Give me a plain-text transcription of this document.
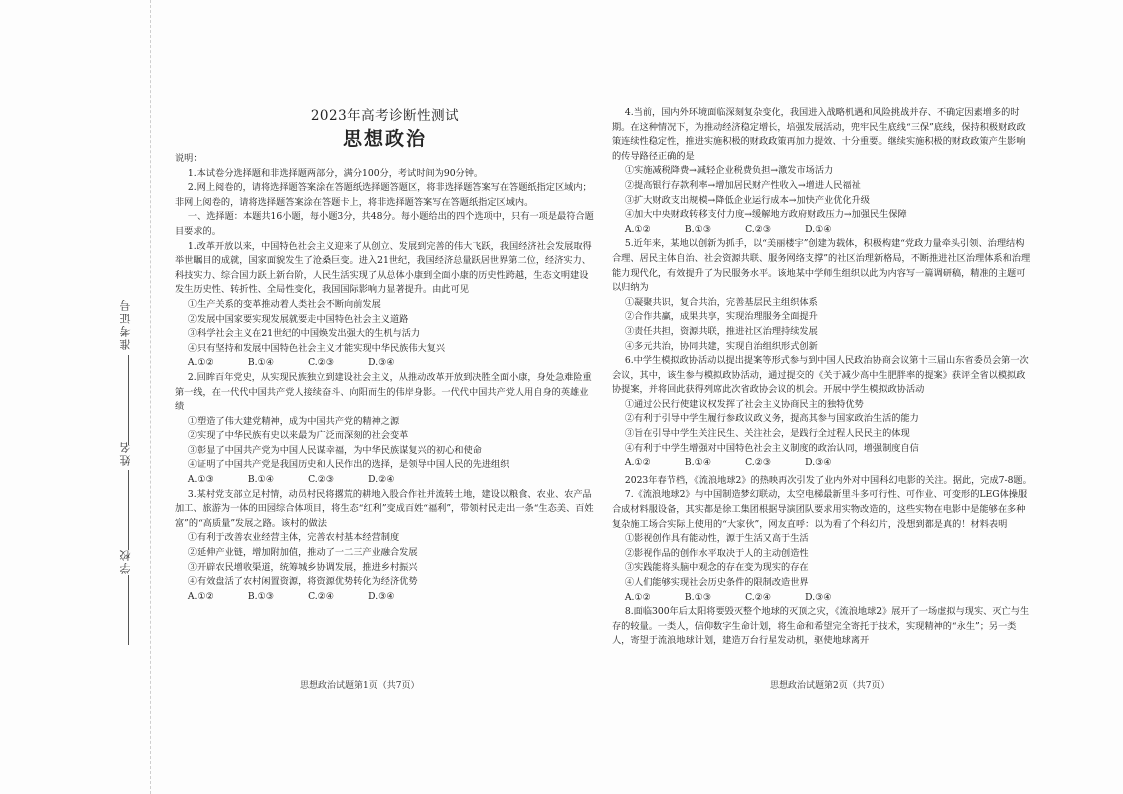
准考证号
姓名
学校

2023年高考诊断性测试

思想政治

说明：

1.本试卷分选择题和非选择题两部分，满分100分，考试时间为90分钟。

2.网上阅卷的，请将选择题答案涂在答题纸选择题答题区，将非选择题答案写在答题纸指定区域内；非网上阅卷的，请将选择题答案涂在答题卡上，将非选择题答案写在答题纸指定区域内。

一、选择题：本题共16小题，每小题3分，共48分。每小题给出的四个选项中，只有一项是最符合题目要求的。

1.改革开放以来，中国特色社会主义迎来了从创立、发展到完善的伟大飞跃，我国经济社会发展取得举世瞩目的成就，国家面貌发生了沧桑巨变。进入21世纪，我国经济总量跃居世界第二位，经济实力、科技实力、综合国力跃上新台阶，人民生活实现了从总体小康到全面小康的历史性跨越，生态文明建设发生历史性、转折性、全局性变化，我国国际影响力显著提升。由此可见

①生产关系的变革推动着人类社会不断向前发展

②发展中国家要实现发展就要走中国特色社会主义道路

③科学社会主义在21世纪的中国焕发出强大的生机与活力

④只有坚持和发展中国特色社会主义才能实现中华民族伟大复兴

A.①②	B.①④	C.②③	D.③④

2.回眸百年党史，从实现民族独立到建设社会主义，从推动改革开放到决胜全面小康，身处急难险重第一线，在一代代中国共产党人接续奋斗、向阳而生的伟岸身影。一代代中国共产党人用自身的英雄业绩

①塑造了伟大建党精神，成为中国共产党的精神之源

②实现了中华民族有史以来最为广泛而深刻的社会变革

③彰显了中国共产党为中国人民谋幸福，为中华民族谋复兴的初心和使命

④证明了中国共产党是我国历史和人民作出的选择，是领导中国人民的先进组织

A.①③	B.①④	C.②③	D.②④

3.某村党支部立足村情，动员村民将撂荒的耕地入股合作社并流转土地，建设以粮食、农业、农产品加工、旅游为一体的田园综合体项目，将生态“红利”变成百姓“福利”，带领村民走出一条“生态美、百姓富”的“高质量”发展之路。该村的做法

①有利于改善农业经营主体，完善农村基本经营制度

②延伸产业链，增加附加值，推动了一二三产业融合发展

③开辟农民增收渠道，统筹城乡协调发展，推进乡村振兴

④有效盘活了农村闲置资源，将资源优势转化为经济优势

A.①②	B.①③	C.②④	D.③④

4.当前，国内外环境面临深刻复杂变化，我国进入战略机遇和风险挑战并存、不确定因素增多的时期。在这种情况下，为推动经济稳定增长，培强发展活动，兜牢民生底线“三保”底线，保持积极财政政策连续性稳定性，推进实施积极的财政政策再加力提效、十分重要。继续实施积极的财政政策产生影响的传导路径正确的是

①实施减税降费→减轻企业税费负担→激发市场活力

②提高银行存款利率→增加居民财产性收入→增进人民福祉

③扩大财政支出规模→降低企业运行成本→加快产业优化升级

④加大中央财政转移支付力度→缓解地方政府财政压力→加强民生保障

A.①②	B.①③	C.②③	D.①④

5.近年来，某地以创新为抓手，以“美丽楼宇”创建为载体，积极构建“党政力量牵头引领、治理结构合理、居民主体自治、社会资源共联、服务网络支撑”的社区治理新格局，不断推进社区治理体系和治理能力现代化，有效提升了为民服务水平。该地某中学师生组织以此为内容写一篇调研稿，精准的主题可以归纳为

①凝聚共识，复合共治，完善基层民主组织体系

②合作共赢，成果共享，实现治理服务全面提升

③责任共担，资源共联，推进社区治理持续发展

④多元共治，协同共建，实现自治组织形式创新

6.中学生模拟政协活动以提出提案等形式参与到中国人民政治协商会议第十三届山东省委员会第一次会议，其中，该生参与模拟政协活动，通过提交的《关于减少高中生肥胖率的提案》获评全省以模拟政协提案，并将回此获得列席此次省政协会议的机会。开展中学生模拟政协活动

①通过公民行使建议权发挥了社会主义协商民主的独特优势

②有利于引导中学生履行参政议政义务，提高其参与国家政治生活的能力

③旨在引导中学生关注民生、关注社会，是践行全过程人民民主的体现

④有利于中学生增强对中国特色社会主义制度的政治认同，增强制度自信

A.①②	B.①④	C.②③	D.③④

2023年春节档，《流浪地球2》的热映再次引发了业内外对中国科幻电影的关注。据此，完成7-8题。

7.《流浪地球2》与中国制造梦幻联动，太空电梯最新里斗多可行性、可作业、可变形的LEG体操服合成材料服设备，其实都是徐工集团根据导演团队要求用实物改造的，这些实物在电影中是能够在多种复杂施工场合实际上使用的“大家伙”，网友直呼：以为看了个科幻片，没想到都是真的！材料表明

①影视创作具有能动性，源于生活又高于生活

②影视作品的创作水平取决于人的主动创造性

③实践能将头脑中观念的存在变为现实的存在

④人们能够实现社会历史条件的限制改造世界

A.①②	B.①③	C.②④	D.③④

8.面临300年后太阳将要毁灭整个地球的灭顶之灾，《流浪地球2》展开了一场虚拟与现实、灭亡与生存的较量。一类人，信仰数字生命计划，将生命和希望完全寄托于技术，实现精神的“永生”；另一类人，寄望于流浪地球计划，建造万台行星发动机，驱使地球离开

思想政治试题第1页（共7页）	思想政治试题第2页（共7页）
